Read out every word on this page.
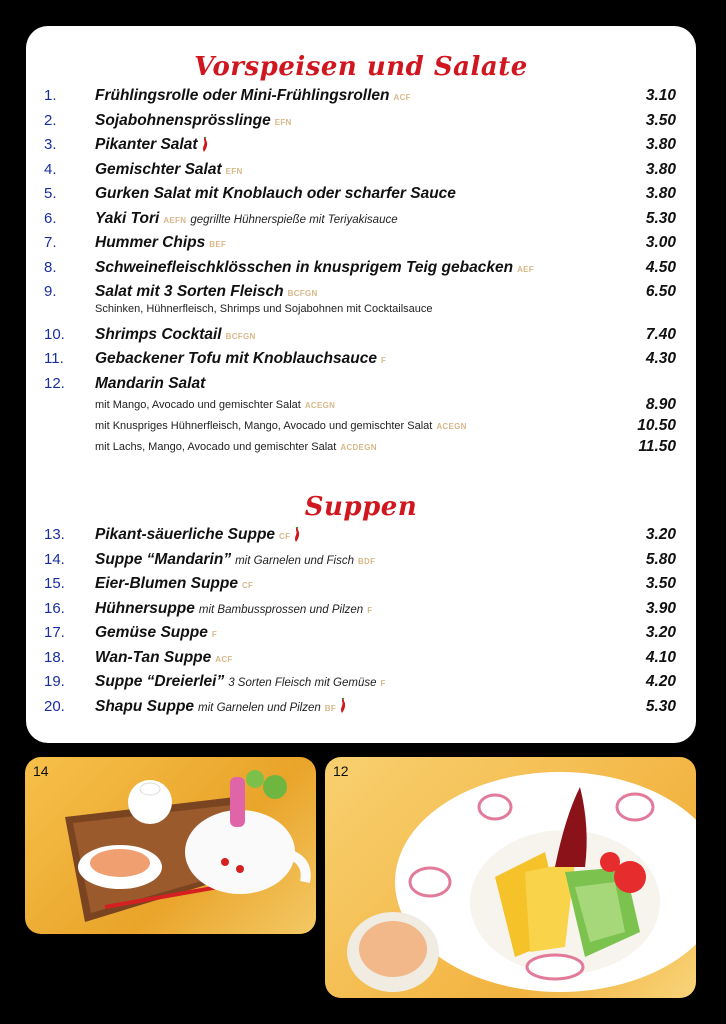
Vorspeisen und Salate
1. Frühlingsrolle oder Mini-Frühlingsrollen ACF	3.10
2. Sojabohnensprösslinge EFN	3.50
3. Pikanter Salat	3.80
4. Gemischter Salat EFN	3.80
5. Gurken Salat mit Knoblauch oder scharfer Sauce	3.80
6. Yaki Tori AEFN gegrillte Hühnerspieße mit Teriyakisauce	5.30
7. Hummer Chips BEF	3.00
8. Schweinefleischklösschen in knusprigem Teig gebacken AEF	4.50
9. Salat mit 3 Sorten Fleisch BCFGN	6.50
Schinken, Hühnerfleisch, Shrimps und Sojabohnen mit Cocktailsauce
10. Shrimps Cocktail BCFGN	7.40
11. Gebackener Tofu mit Knoblauchsauce F	4.30
12. Mandarin Salat
mit Mango, Avocado und gemischter Salat ACEGN	8.90
mit Knuspriges Hühnerfleisch, Mango, Avocado und gemischter Salat ACEGN	10.50
mit Lachs, Mango, Avocado und gemischter Salat ACDEGN	11.50
Suppen
13. Pikant-säuerliche Suppe CF	3.20
14. Suppe “Mandarin” mit Garnelen und Fisch BDF	5.80
15. Eier-Blumen Suppe CF	3.50
16. Hühnersuppe mit Bambussprossen und Pilzen F	3.90
17. Gemüse Suppe F	3.20
18. Wan-Tan Suppe ACF	4.10
19. Suppe “Dreierlei” 3 Sorten Fleisch mit Gemüse F	4.20
20. Shapu Suppe mit Garnelen und Pilzen BF	5.30
14	12
